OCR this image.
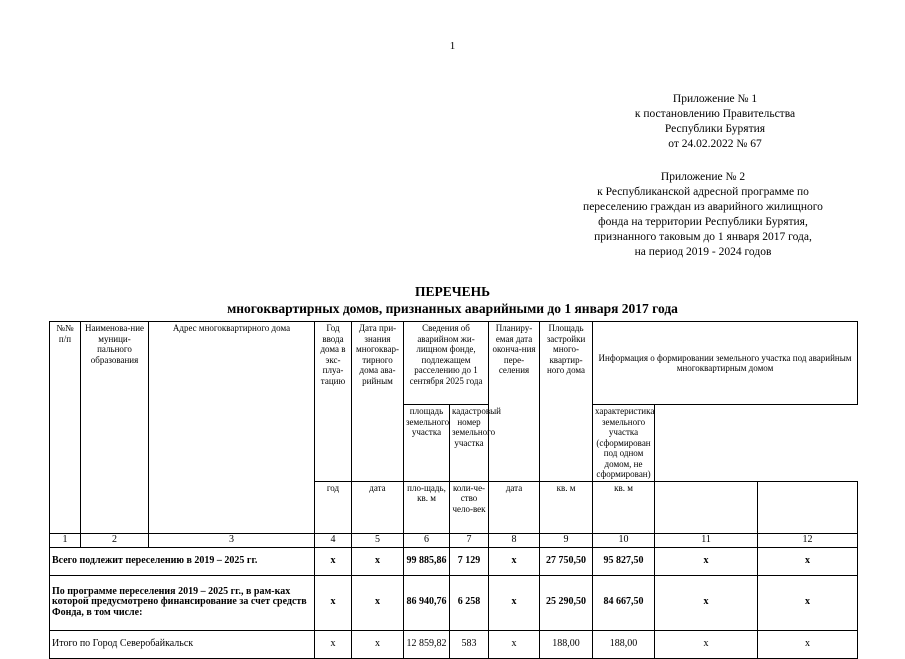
1
Приложение № 1
к постановлению Правительства
Республики Бурятия
от 24.02.2022 № 67
Приложение № 2
к Республиканской адресной программе по
переселению граждан из аварийного жилищного
фонда на территории Республики Бурятия,
признанного таковым до 1 января 2017 года,
на период 2019 - 2024 годов
ПЕРЕЧЕНЬ
многоквартирных домов, признанных аварийными до 1 января 2017 года
№№ п/п	Наименова-ние муници-пального образования	Адрес многоквартирного дома	Год ввода дома в экс-плуа-тацию	Дата при-знания многоквар-тирного дома ава-рийным	Сведения об аварийном жи-лищном фонде, подлежащем расселению до 1 сентября 2025 года		Планиру-емая дата оконча-ния пере-селения	Площадь застройки много-квартир-ного дома	Информация о формировании земельного участка под аварийным многоквартирным домом		
					площадь земельного участка	кадастровый номер земельного участка			характеристика земельного участка (сформирован под одном домом, не сформирован)		
			год	дата	пло-щадь, кв. м	коли-че-ство чело-век	дата	кв. м	кв. м		
1	2	3	4	5	6	7	8	9	10	11	12
Всего подлежит переселению в 2019 – 2025 гг.			x	x	99 885,86	7 129	x	27 750,50	95 827,50	x	x
По программе переселения 2019 – 2025 гг., в рам-ках которой предусмотрено финансирование за счет средств Фонда, в том числе:			x	x	86 940,76	6 258	x	25 290,50	84 667,50	x	x
Итого по Город Северобайкальск			x	x	12 859,82	583	x	188,00	188,00	x	x
